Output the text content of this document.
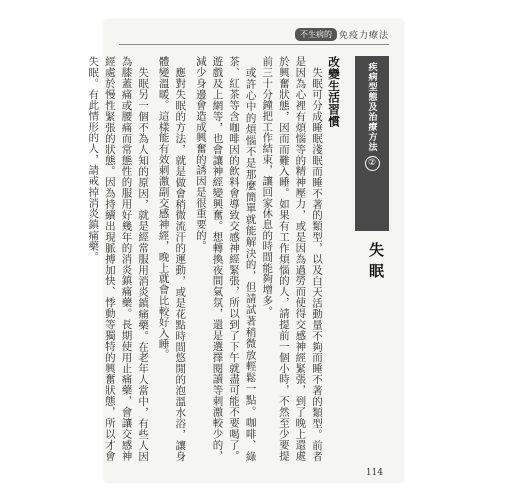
不生病的 免疫力療法
疾病型態及治療方法
②
失眠
改變生活習慣

失眠可分成睡眠淺眠而睡不著的類型，以及白天活動量不夠而睡不著的類型。前者是因為心裡有煩惱等的精神壓力，或是因為過勞而使得交感神經緊張，到了晚上還處於興奮狀態，因而而難入睡。如果有工作煩惱的人，請提前一個小時，不然至少要提前三十分鐘把工作結束，讓回家休息的時間能夠增多。

或許心中的煩惱不是那麼簡單就能解決的，但請試著稍微放輕鬆一點。咖啡、綠茶、紅茶等含咖啡因的飲料會導致交感神經緊張，所以到了下午就盡可能不要喝了。遊戲及上網等，也會讓神經變興奮。想轉換夜間氣氛，還是選擇閱讀等刺激較少的，減少身邊會造成興奮的誘因是很重要的。

應對失眠的方法，就是做會稍微流汗的運動，或是花點時間悠閒的泡溫水浴，讓身體變溫暖。這樣能有效刺激副交感神經，晚上就會比較好入睡。

失眠另一個不為人知的原因，就是經常服用消炎鎮痛藥。在老年人當中，有些人因為膝蓋痛或腰痛而常態性的服用好幾年的消炎鎮痛藥。長期使用止痛藥，會讓交感神經處於慢性緊張的狀態。因為持續出現脈搏加快、悸動等獨特的興奮狀態，所以才會失眠。有此情形的人，請戒掉消炎鎮痛藥。

114
